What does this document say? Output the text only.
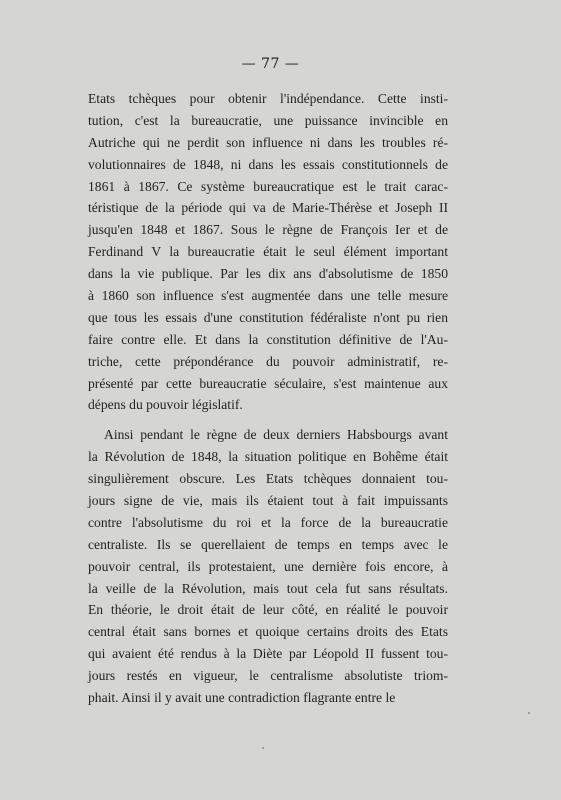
— 77 —
Etats tchèques pour obtenir l'indépendance. Cette insti-
tution, c'est la bureaucratie, une puissance invincible en
Autriche qui ne perdit son influence ni dans les troubles ré-
volutionnaires de 1848, ni dans les essais constitutionnels de
1861 à 1867. Ce système bureaucratique est le trait carac-
téristique de la période qui va de Marie-Thérèse et Joseph II
jusqu'en 1848 et 1867. Sous le règne de François Ier et de
Ferdinand V la bureaucratie était le seul élément important
dans la vie publique. Par les dix ans d'absolutisme de 1850
à 1860 son influence s'est augmentée dans une telle mesure
que tous les essais d'une constitution fédéraliste n'ont pu rien
faire contre elle. Et dans la constitution définitive de l'Au-
triche, cette prépondérance du pouvoir administratif, re-
présenté par cette bureaucratie séculaire, s'est maintenue aux
dépens du pouvoir législatif.
Ainsi pendant le règne de deux derniers Habsbourgs avant
la Révolution de 1848, la situation politique en Bohême était
singulièrement obscure. Les Etats tchèques donnaient tou-
jours signe de vie, mais ils étaient tout à fait impuissants
contre l'absolutisme du roi et la force de la bureaucratie
centraliste. Ils se querellaient de temps en temps avec le
pouvoir central, ils protestaient, une dernière fois encore, à
la veille de la Révolution, mais tout cela fut sans résultats.
En théorie, le droit était de leur côté, en réalité le pouvoir
central était sans bornes et quoique certains droits des Etats
qui avaient été rendus à la Diète par Léopold II fussent tou-
jours restés en vigueur, le centralisme absolutiste triom-
phait. Ainsi il y avait une contradiction flagrante entre le
